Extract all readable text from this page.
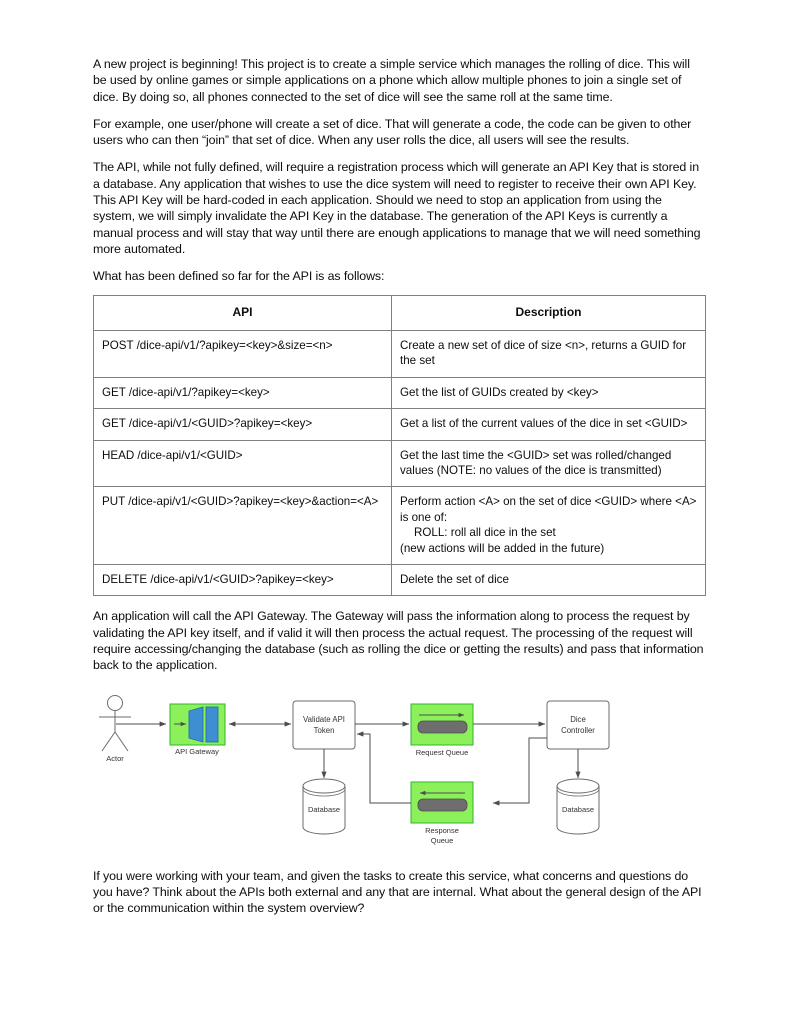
A new project is beginning! This project is to create a simple service which manages the rolling of dice. This will be used by online games or simple applications on a phone which allow multiple phones to join a single set of dice. By doing so, all phones connected to the set of dice will see the same roll at the same time.

For example, one user/phone will create a set of dice. That will generate a code, the code can be given to other users who can then “join” that set of dice. When any user rolls the dice, all users will see the results.

The API, while not fully defined, will require a registration process which will generate an API Key that is stored in a database. Any application that wishes to use the dice system will need to register to receive their own API Key. This API Key will be hard-coded in each application. Should we need to stop an application from using the system, we will simply invalidate the API Key in the database. The generation of the API Keys is currently a manual process and will stay that way until there are enough applications to manage that we will need something more automated.

What has been defined so far for the API is as follows:

API	Description
POST /dice-api/v1/?apikey=<key>&size=<n>	Create a new set of dice of size <n>, returns a GUID for the set

GET /dice-api/v1/?apikey=<key>	Get the list of GUIDs created by <key>

GET /dice-api/v1/<GUID>?apikey=<key>	Get a list of the current values of the dice in set <GUID>

HEAD /dice-api/v1/<GUID>	Get the last time the <GUID> set was rolled/changed values (NOTE: no values of the dice is transmitted)

PUT /dice-api/v1/<GUID>?apikey=<key>&action=<A>	Perform action <A> on the set of dice <GUID> where <A> is one of:
ROLL: roll all dice in the set
(new actions will be added in the future)

DELETE /dice-api/v1/<GUID>?apikey=<key>	Delete the set of dice

An application will call the API Gateway. The Gateway will pass the information along to process the request by validating the API key itself, and if valid it will then process the actual request. The processing of the request will require accessing/changing the database (such as rolling the dice or getting the results) and pass that information back to the application.

Actor
API Gateway
Validate API
Token
Database
Request Queue
Dice
Controller
Database
Response
Queue

If you were working with your team, and given the tasks to create this service, what concerns and questions do you have? Think about the APIs both external and any that are internal. What about the general design of the API or the communication within the system overview?
